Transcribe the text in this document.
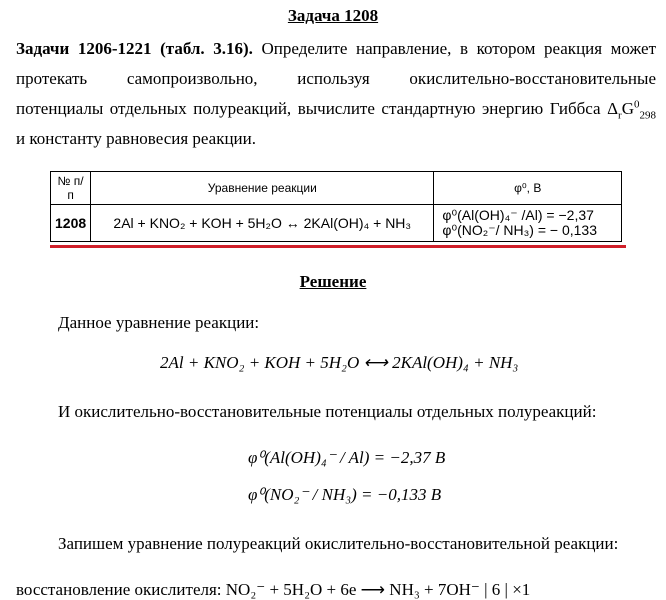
Задача 1208
Задачи 1206-1221 (табл. 3.16). Определите направление, в котором реакция может
протекать самопроизвольно, используя окислительно-восстановительные
потенциалы отдельных полуреакций, вычислите стандартную энергию Гиббса $\Delta_rG^0_{298}$
и константу равновесия реакции.
№ п/п	Уравнение реакции	φ⁰, В
1208	2Al + KNO₂ + KOH + 5H₂O ↔ 2KAl(OH)₄ + NH₃	φ⁰(Al(OH)₄⁻ /Al) = −2,37
φ⁰(NO₂⁻/ NH₃) = − 0,133
Решение
Данное уравнение реакции:
2Al + KNO₂ + KOH + 5H₂O ⟷ 2KAl(OH)₄ + NH₃
И окислительно-восстановительные потенциалы отдельных полуреакций:
φ⁰(Al(OH)₄⁻ / Al) = −2,37 В
φ⁰(NO₂⁻ / NH₃) = −0,133 В
Запишем уравнение полуреакций окислительно-восстановительной реакции:
восстановление окислителя: NO₂⁻ + 5H₂O + 6e ⟶ NH₃ + 7OH⁻ | 6 | ×1
